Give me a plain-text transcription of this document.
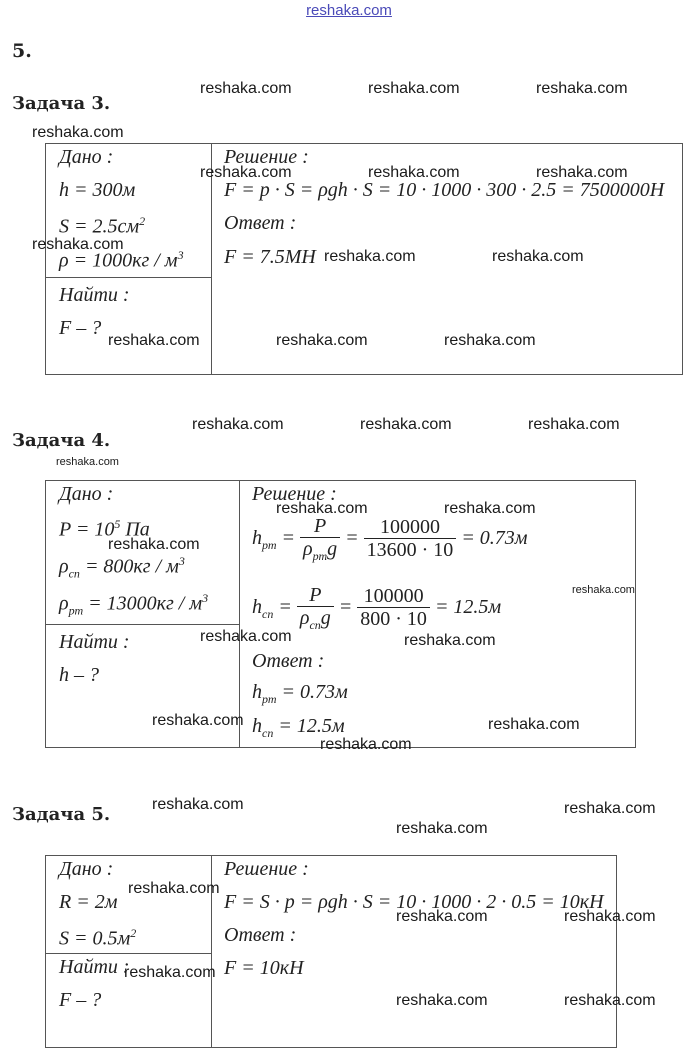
reshaka.com
5.
Задача 3.
Дано :
h = 300м
$S = 2.5см^2$
$\rho = 1000кг / м^3$
Найти :
F – ?
Решение :
F = p · S = ρgh · S = 10 · 1000 · 300 · 2.5 = 7500000H
Ответ :
F = 7.5MH
Задача 4.
Дано :
$P = 10^5$ Па
$\rho_{сп} = 800кг / м^3$
$\rho_{рт} = 13000кг / м^3$
Найти :
h – ?
Решение :
$h_{рт} = \frac{P}{\rho_{рт}g} = \frac{100000}{13600 \cdot 10} = 0.73м$
$h_{сп} = \frac{P}{\rho_{сп}g} = \frac{100000}{800 \cdot 10} = 12.5м$
Ответ :
$h_{рт} = 0.73м$
$h_{сп} = 12.5м$
Задача 5.
Дано :
R = 2м
$S = 0.5м^2$
Найти :
F – ?
Решение :
F = S · p = ρgh · S = 10 · 1000 · 2 · 0.5 = 10кH
Ответ :
F = 10кH
reshaka.com	reshaka.com	reshaka.com
reshaka.com
reshaka.com	reshaka.com	reshaka.com
reshaka.com
reshaka.com	reshaka.com
reshaka.com	reshaka.com	reshaka.com
reshaka.com	reshaka.com	reshaka.com
reshaka.com
reshaka.com	reshaka.com
reshaka.com
reshaka.com
reshaka.com	reshaka.com
reshaka.com	reshaka.com
reshaka.com
reshaka.com	reshaka.com
reshaka.com
reshaka.com
reshaka.com	reshaka.com
reshaka.com
reshaka.com	reshaka.com
